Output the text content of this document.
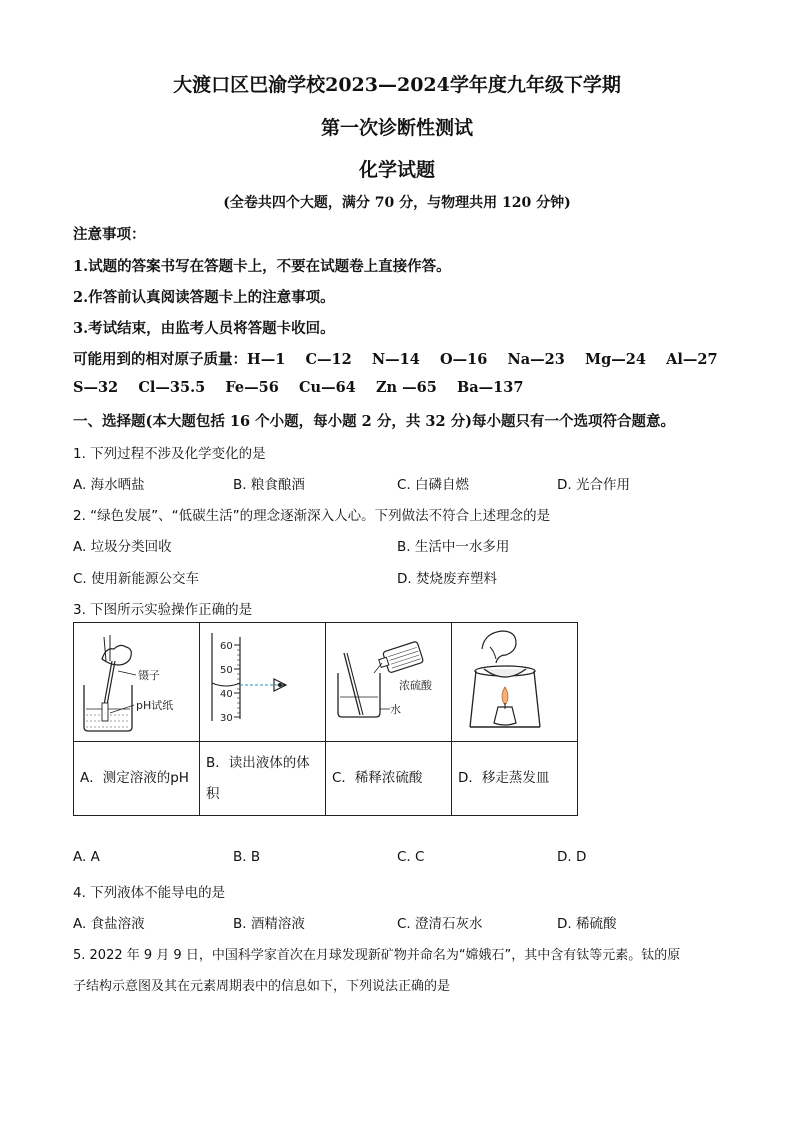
大渡口区巴渝学校2023—2024学年度九年级下学期
第一次诊断性测试
化学试题
(全卷共四个大题，满分 70 分，与物理共用 120 分钟)
注意事项：
1.试题的答案书写在答题卡上，不要在试题卷上直接作答。
2.作答前认真阅读答题卡上的注意事项。
3.考试结束，由监考人员将答题卡收回。
可能用到的相对原子质量：H—1    C—12    N—14    O—16    Na—23    Mg—24    Al—27
S—32    Cl—35.5    Fe—56    Cu—64    Zn —65    Ba—137
一、选择题(本大题包括 16 个小题，每小题 2 分，共 32 分)每小题只有一个选项符合题意。
1. 下列过程不涉及化学变化的是
A. 海水晒盐	B. 粮食酿酒	C. 白磷自燃	D. 光合作用
2. “绿色发展”、“低碳生活”的理念逐渐深入人心。下列做法不符合上述理念的是
A. 垃圾分类回收	B. 生活中一水多用
C. 使用新能源公交车	D. 焚烧废弃塑料
3. 下图所示实验操作正确的是
镊子
pH试纸	60
50
40
30	浓硫酸
水

A．测定溶液的pH	B．读出液体的体积	C．稀释浓硫酸	D．移走蒸发皿
A. A	B. B	C. C	D. D
4. 下列液体不能导电的是
A. 食盐溶液	B. 酒精溶液	C. 澄清石灰水	D. 稀硫酸
5. 2022 年 9 月 9 日，中国科学家首次在月球发现新矿物并命名为“嫦娥石”，其中含有钛等元素。钛的原
子结构示意图及其在元素周期表中的信息如下，下列说法正确的是
